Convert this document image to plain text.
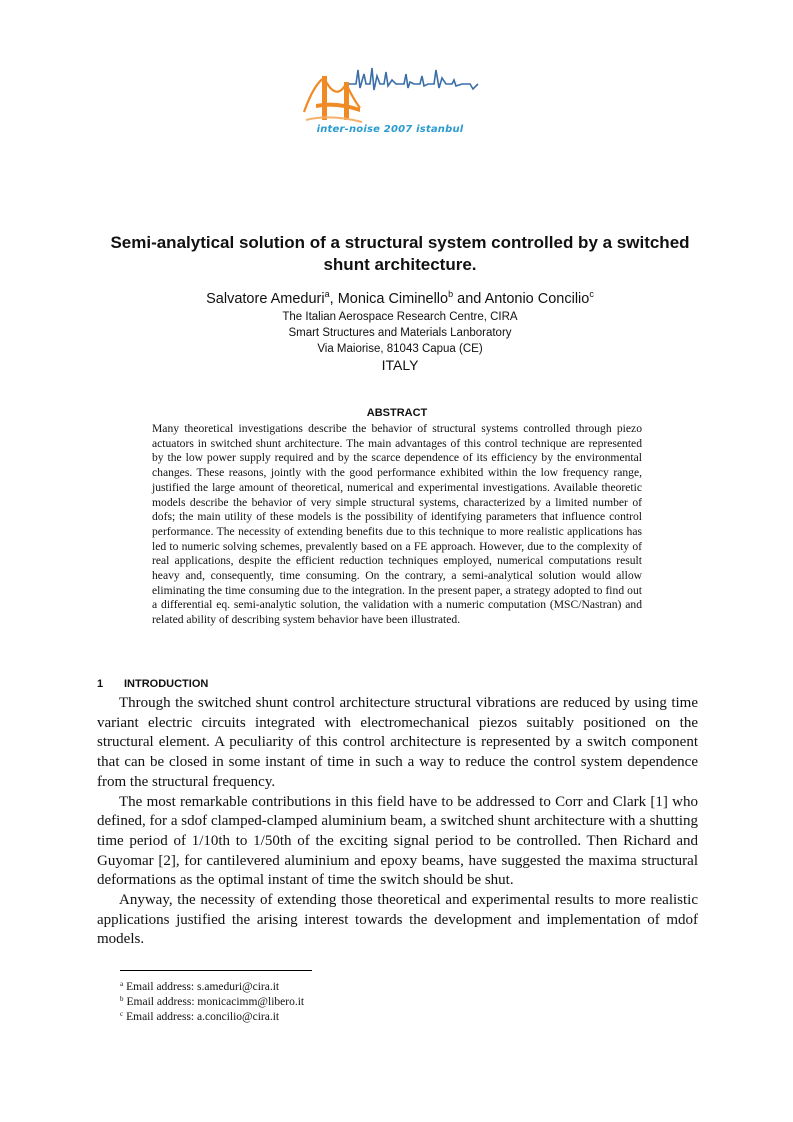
inter-noise 2007 istanbul
Semi-analytical solution of a structural system controlled by a switched shunt architecture.
Salvatore Ameduri$^a$, Monica Ciminello$^b$ and Antonio Concilio$^c$
The Italian Aerospace Research Centre, CIRA
Smart Structures and Materials Lanboratory
Via Maiorise, 81043 Capua (CE)
ITALY
ABSTRACT

Many theoretical investigations describe the behavior of structural systems controlled through piezo actuators in switched shunt architecture. The main advantages of this control technique are represented by the low power supply required and by the scarce dependence of its efficiency by the environmental changes. These reasons, jointly with the good performance exhibited within the low frequency range, justified the large amount of theoretical, numerical and experimental investigations. Available theoretic models describe the behavior of very simple structural systems, characterized by a limited number of dofs; the main utility of these models is the possibility of identifying parameters that influence control performance. The necessity of extending benefits due to this technique to more realistic applications has led to numeric solving schemes, prevalently based on a FE approach. However, due to the complexity of real applications, despite the efficient reduction techniques employed, numerical computations result heavy and, consequently, time consuming. On the contrary, a semi-analytical solution would allow eliminating the time consuming due to the integration. In the present paper, a strategy adopted to find out a differential eq. semi-analytic solution, the validation with a numeric computation (MSC/Nastran) and related ability of describing system behavior have been illustrated.

1 INTRODUCTION

Through the switched shunt control architecture structural vibrations are reduced by using time variant electric circuits integrated with electromechanical piezos suitably positioned on the structural element. A peculiarity of this control architecture is represented by a switch component that can be closed in some instant of time in such a way to reduce the control system dependence from the structural frequency.

The most remarkable contributions in this field have to be addressed to Corr and Clark [1] who defined, for a sdof clamped-clamped aluminium beam, a switched shunt architecture with a shutting time period of 1/10th to 1/50th of the exciting signal period to be controlled. Then Richard and Guyomar [2], for cantilevered aluminium and epoxy beams, have suggested the maxima structural deformations as the optimal instant of time the switch should be shut.

Anyway, the necessity of extending those theoretical and experimental results to more realistic applications justified the arising interest towards the development and implementation of mdof models.

$^a$ Email address: s.ameduri@cira.it
$^b$ Email address: monicacimm@libero.it
$^c$ Email address: a.concilio@cira.it
